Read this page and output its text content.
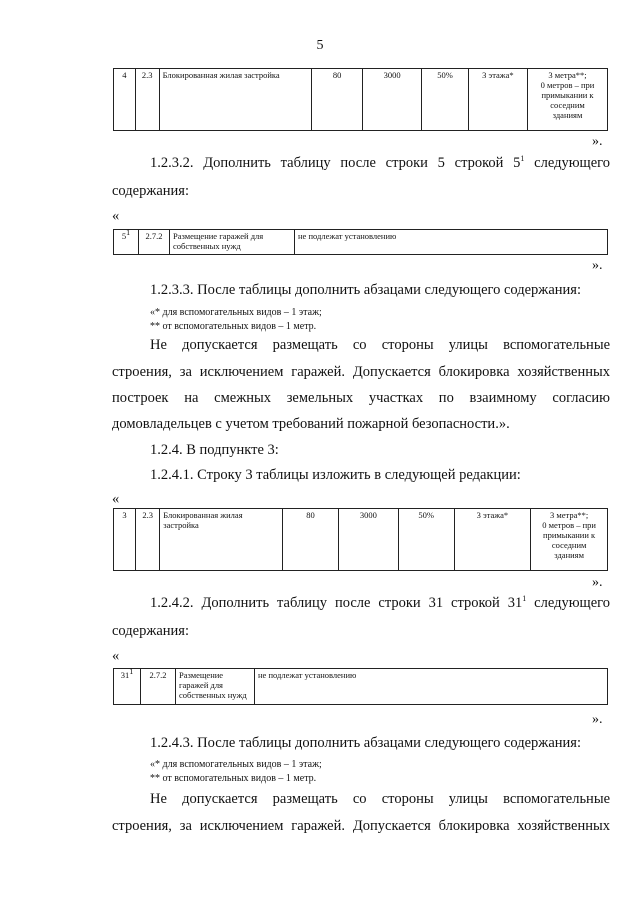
5
4	2.3	Блокированная жилая застройка	80	3000	50%	3 этажа*	3 метра**;
0 метров – при
примыкании к
соседним
зданиям
».
1.2.3.2. Дополнить таблицу после строки 5 строкой $5^1$ следующего
содержания:
«
$5^1$	2.7.2	Размещение гаражей для собственных нужд	не подлежат установлению
».
1.2.3.3. После таблицы дополнить абзацами следующего содержания:
«* для вспомогательных видов – 1 этаж;
** от вспомогательных видов – 1 метр.
Не допускается размещать со стороны улицы вспомогательные
строения, за исключением гаражей. Допускается блокировка хозяйственных
построек на смежных земельных участках по взаимному согласию
домовладельцев с учетом требований пожарной безопасности.».
1.2.4. В подпункте 3:
1.2.4.1. Строку 3 таблицы изложить в следующей редакции:
«
3	2.3	Блокированная жилая застройка	80	3000	50%	3 этажа*	3 метра**;
0 метров – при
примыкании к
соседним
зданиям
».
1.2.4.2. Дополнить таблицу после строки 31 строкой $31^1$ следующего
содержания:
«
$31^1$	2.7.2	Размещение гаражей для собственных нужд	не подлежат установлению
».
1.2.4.3. После таблицы дополнить абзацами следующего содержания:
«* для вспомогательных видов – 1 этаж;
** от вспомогательных видов – 1 метр.
Не допускается размещать со стороны улицы вспомогательные
строения, за исключением гаражей. Допускается блокировка хозяйственных
